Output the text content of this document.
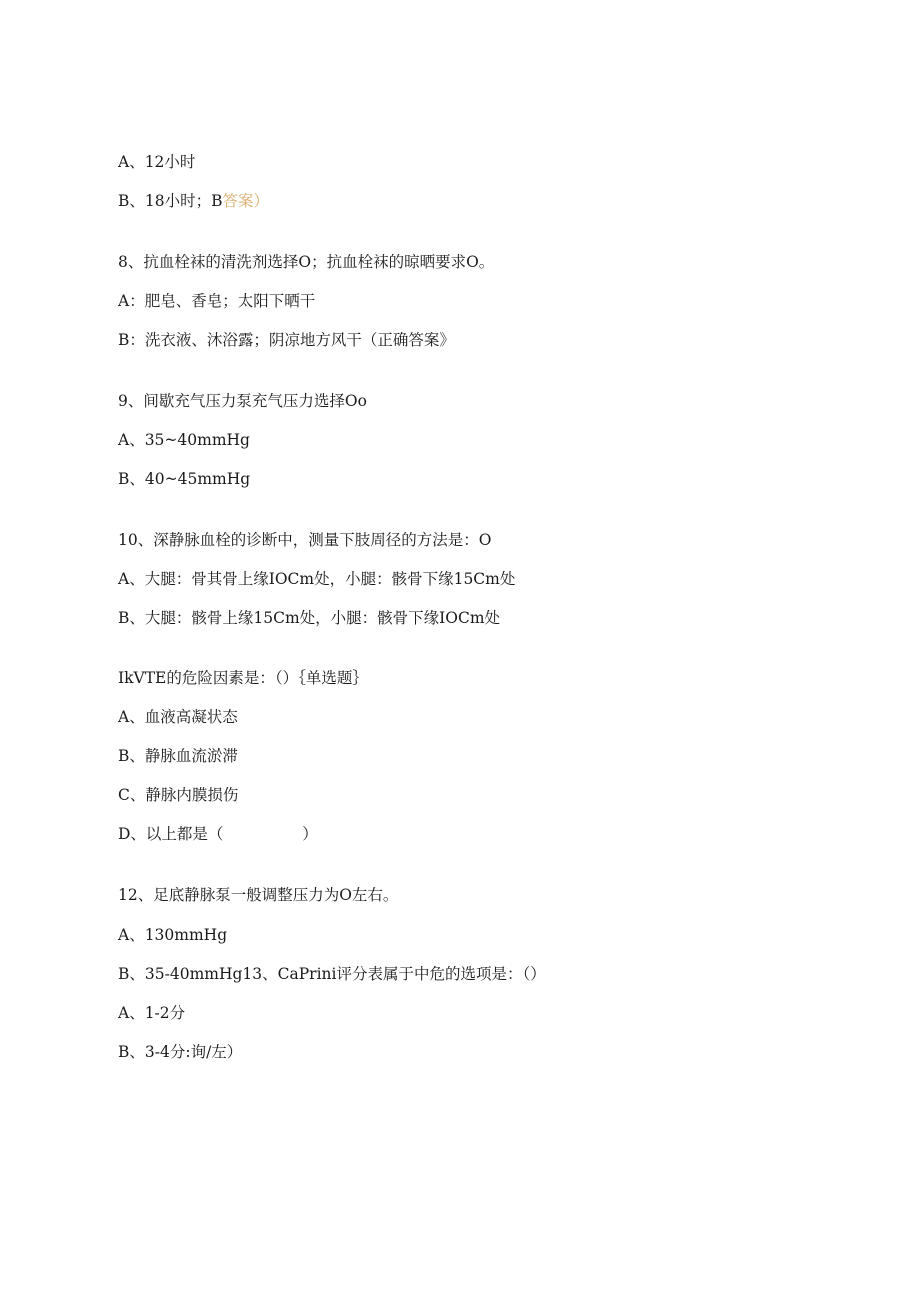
A、12小时
B、18小时；B答案）
8、抗血栓袜的清洗剂选择O；抗血栓袜的晾晒要求O。
A：肥皂、香皂；太阳下晒干
B：洗衣液、沐浴露；阴凉地方风干（正确答案》
9、间歇充气压力泵充气压力选择Oo
A、35~40mmHg
B、40~45mmHg
10、深静脉血栓的诊断中，测量下肢周径的方法是：O
A、大腿：骨其骨上缘IOCm处，小腿：骸骨下缘15Cm处
B、大腿：骸骨上缘15Cm处，小腿：骸骨下缘IOCm处
IkVTE的危险因素是：（）｛单选题｝
A、血液高凝状态
B、静脉血流淤滞
C、静脉内膜损伤
D、以上都是（                ）
12、足底静脉泵一般调整压力为O左右。
A、130mmHg
B、35-40mmHg13、CaPrini评分表属于中危的选项是：（）
A、1-2分
B、3-4分:询/左）
